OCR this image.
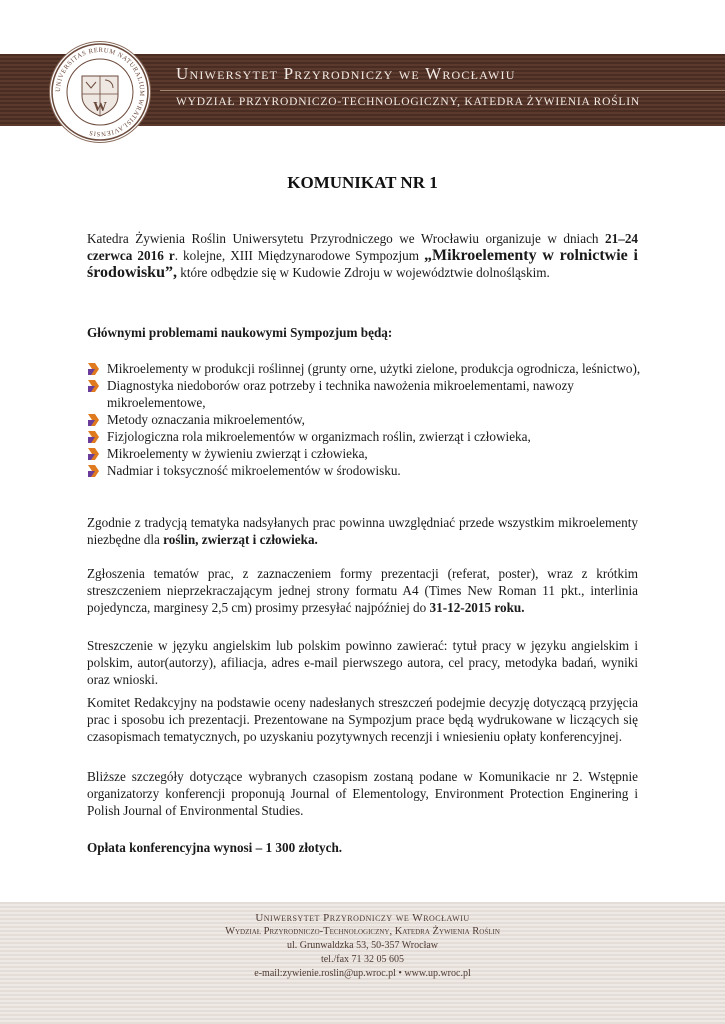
Uniwersytet Przyrodniczy we Wrocławiu
WYDZIAŁ PRZYRODNICZO-TECHNOLOGICZNY, KATEDRA ŻYWIENIA ROŚLIN
UNIVERSITAS RERUM NATURALIUM WRATISLAVIENSIS
W
KOMUNIKAT NR 1

Katedra Żywienia Roślin Uniwersytetu Przyrodniczego we Wrocławiu organizuje w dniach 21–24 czerwca 2016 r. kolejne, XIII Międzynarodowe Sympozjum „Mikroelementy w rolnictwie i środowisku”, które odbędzie się w Kudowie Zdroju w województwie dolnośląskim.

Głównymi problemami naukowymi Sympozjum będą:
Mikroelementy w produkcji roślinnej (grunty orne, użytki zielone, produkcja ogrodnicza, leśnictwo),
Diagnostyka niedoborów oraz potrzeby i technika nawożenia mikroelementami, nawozy mikroelementowe,
Metody oznaczania mikroelementów,
Fizjologiczna rola mikroelementów w organizmach roślin, zwierząt i człowieka,
Mikroelementy w żywieniu zwierząt i człowieka,
Nadmiar i toksyczność mikroelementów w środowisku.

Zgodnie z tradycją tematyka nadsyłanych prac powinna uwzględniać przede wszystkim mikroelementy niezbędne dla roślin, zwierząt i człowieka.

Zgłoszenia tematów prac, z zaznaczeniem formy prezentacji (referat, poster), wraz z krótkim streszczeniem nieprzekraczającym jednej strony formatu A4 (Times New Roman 11 pkt., interlinia pojedyncza, marginesy 2,5 cm) prosimy przesyłać najpóźniej do 31-12-2015 roku.

Streszczenie w języku angielskim lub polskim powinno zawierać: tytuł pracy w języku angielskim i polskim, autor(autorzy), afiliacja, adres e-mail pierwszego autora, cel pracy, metodyka badań, wyniki oraz wnioski.
Komitet Redakcyjny na podstawie oceny nadesłanych streszczeń podejmie decyzję dotyczącą przyjęcia prac i sposobu ich prezentacji. Prezentowane na Sympozjum prace będą wydrukowane w liczących się czasopismach tematycznych, po uzyskaniu pozytywnych recenzji i wniesieniu opłaty konferencyjnej.
Bliższe szczegóły dotyczące wybranych czasopism zostaną podane w Komunikacie nr 2. Wstępnie organizatorzy konferencji proponują Journal of Elementology, Environment Protection Enginering i Polish Journal of Environmental Studies.
Opłata konferencyjna wynosi – 1 300 złotych.
Uniwersytet Przyrodniczy we Wrocławiu
Wydział Przyrodniczo-Technologiczny, Katedra Żywienia Roślin
ul. Grunwaldzka 53, 50-357 Wrocław
tel./fax 71 32 05 605
e-mail:zywienie.roslin@up.wroc.pl • www.up.wroc.pl
